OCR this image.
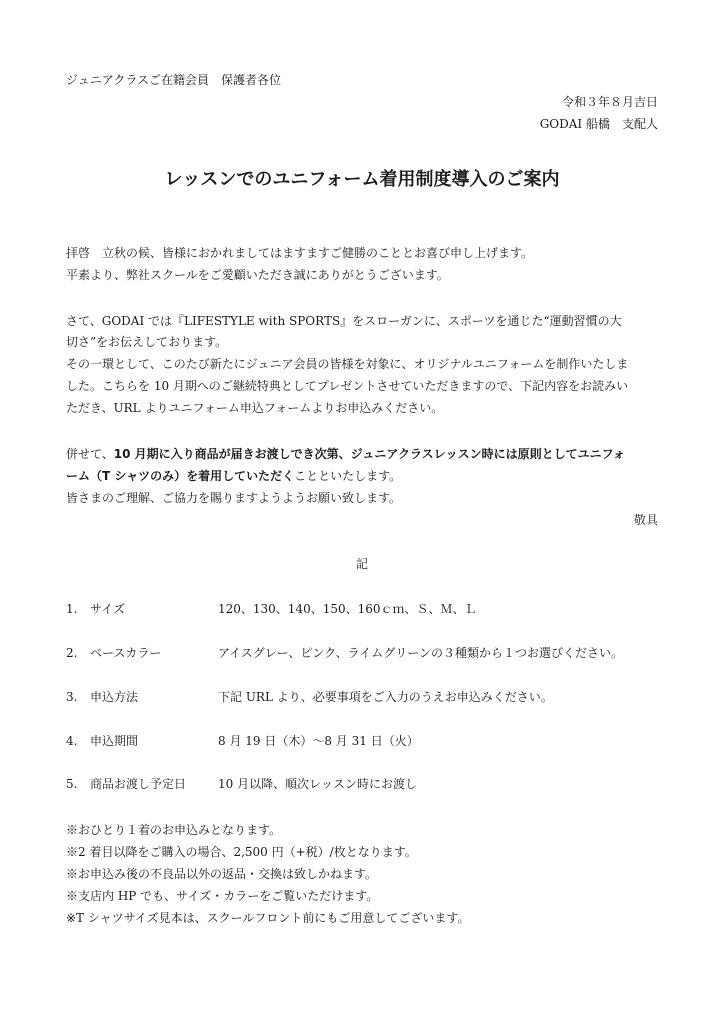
ジュニアクラスご在籍会員　保護者各位

令和３年８月吉日

GODAI 船橋　支配人

レッスンでのユニフォーム着用制度導入のご案内

拝啓　立秋の候、皆様におかれましてはますますご健勝のこととお喜び申し上げます。

平素より、弊社スクールをご愛顧いただき誠にありがとうございます。

さて、GODAI では『LIFESTYLE with SPORTS』をスローガンに、スポーツを通じた“運動習慣の大

切さ”をお伝えしております。

その一環として、このたび新たにジュニア会員の皆様を対象に、オリジナルユニフォームを制作いたしま

した。こちらを 10 月期へのご継続特典としてプレゼントさせていただきますので、下記内容をお読みい

ただき、URL よりユニフォーム申込フォームよりお申込みください。

併せて、10 月期に入り商品が届きお渡しでき次第、ジュニアクラスレッスン時には原則としてユニフォ

ーム（T シャツのみ）を着用していただくことといたします。

皆さまのご理解、ご協力を賜りますようようお願い致します。

敬具

記

1. サイズ	120、130、140、150、160ｃｍ、Ｓ、Ｍ、Ｌ
2. ベースカラー	アイスグレー、ピンク、ライムグリーンの３種類から１つお選びください。
3. 申込方法	下記 URL より、必要事項をご入力のうえお申込みください。
4. 申込期間	8 月 19 日（木）～8 月 31 日（火）
5. 商品お渡し予定日	10 月以降、順次レッスン時にお渡し

※おひとり１着のお申込みとなります。

※2 着目以降をご購入の場合、2,500 円（+税）/枚となります。

※お申込み後の不良品以外の返品・交換は致しかねます。

※支店内 HP でも、サイズ・カラーをご覧いただけます。

※T シャツサイズ見本は、スクールフロント前にもご用意してございます。
